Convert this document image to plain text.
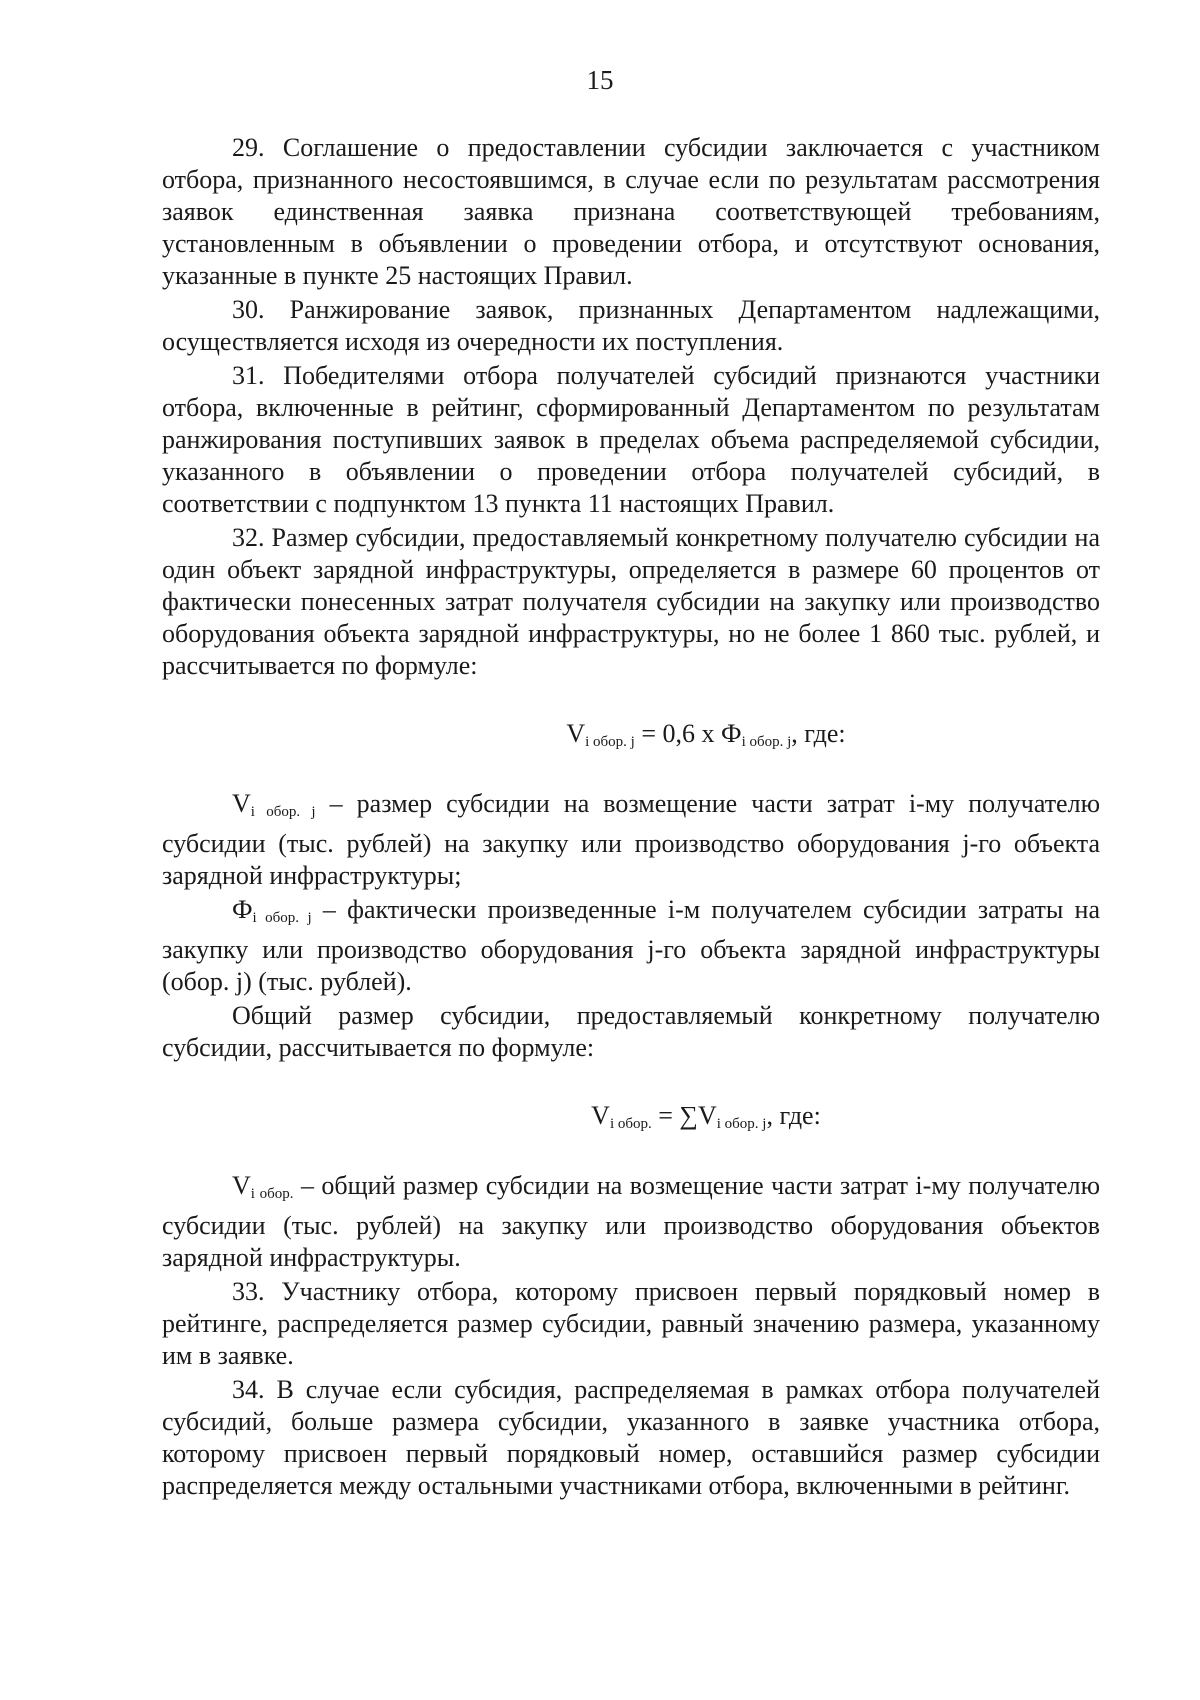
15

29. Соглашение о предоставлении субсидии заключается с участником отбора, признанного несостоявшимся, в случае если по результатам рассмотрения заявок единственная заявка признана соответствующей требованиям, установленным в объявлении о проведении отбора, и отсутствуют основания, указанные в пункте 25 настоящих Правил.

30. Ранжирование заявок, признанных Департаментом надлежащими, осуществляется исходя из очередности их поступления.

31. Победителями отбора получателей субсидий признаются участники отбора, включенные в рейтинг, сформированный Департаментом по результатам ранжирования поступивших заявок в пределах объема распределяемой субсидии, указанного в объявлении о проведении отбора получателей субсидий, в соответствии с подпунктом 13 пункта 11 настоящих Правил.

32. Размер субсидии, предоставляемый конкретному получателю субсидии на один объект зарядной инфраструктуры, определяется в размере 60 процентов от фактически понесенных затрат получателя субсидии на закупку или производство оборудования объекта зарядной инфраструктуры, но не более 1 860 тыс. рублей, и рассчитывается по формуле:

$V_{i обор. j} = 0,6$ х $Ф_{i обор. j}$, где:

$V_{i обор. j}$ – размер субсидии на возмещение части затрат i-му получателю субсидии (тыс. рублей) на закупку или производство оборудования j-го объекта зарядной инфраструктуры;

$Ф_{i обор. j}$ – фактически произведенные i-м получателем субсидии затраты на закупку или производство оборудования j-го объекта зарядной инфраструктуры (обор. j) (тыс. рублей).

Общий размер субсидии, предоставляемый конкретному получателю субсидии, рассчитывается по формуле:

$V_{i обор.} = \sum V_{i обор. j}$, где:

$V_{i обор.}$ – общий размер субсидии на возмещение части затрат i-му получателю субсидии (тыс. рублей) на закупку или производство оборудования объектов зарядной инфраструктуры.

33. Участнику отбора, которому присвоен первый порядковый номер в рейтинге, распределяется размер субсидии, равный значению размера, указанному им в заявке.

34. В случае если субсидия, распределяемая в рамках отбора получателей субсидий, больше размера субсидии, указанного в заявке участника отбора, которому присвоен первый порядковый номер, оставшийся размер субсидии распределяется между остальными участниками отбора, включенными в рейтинг.
